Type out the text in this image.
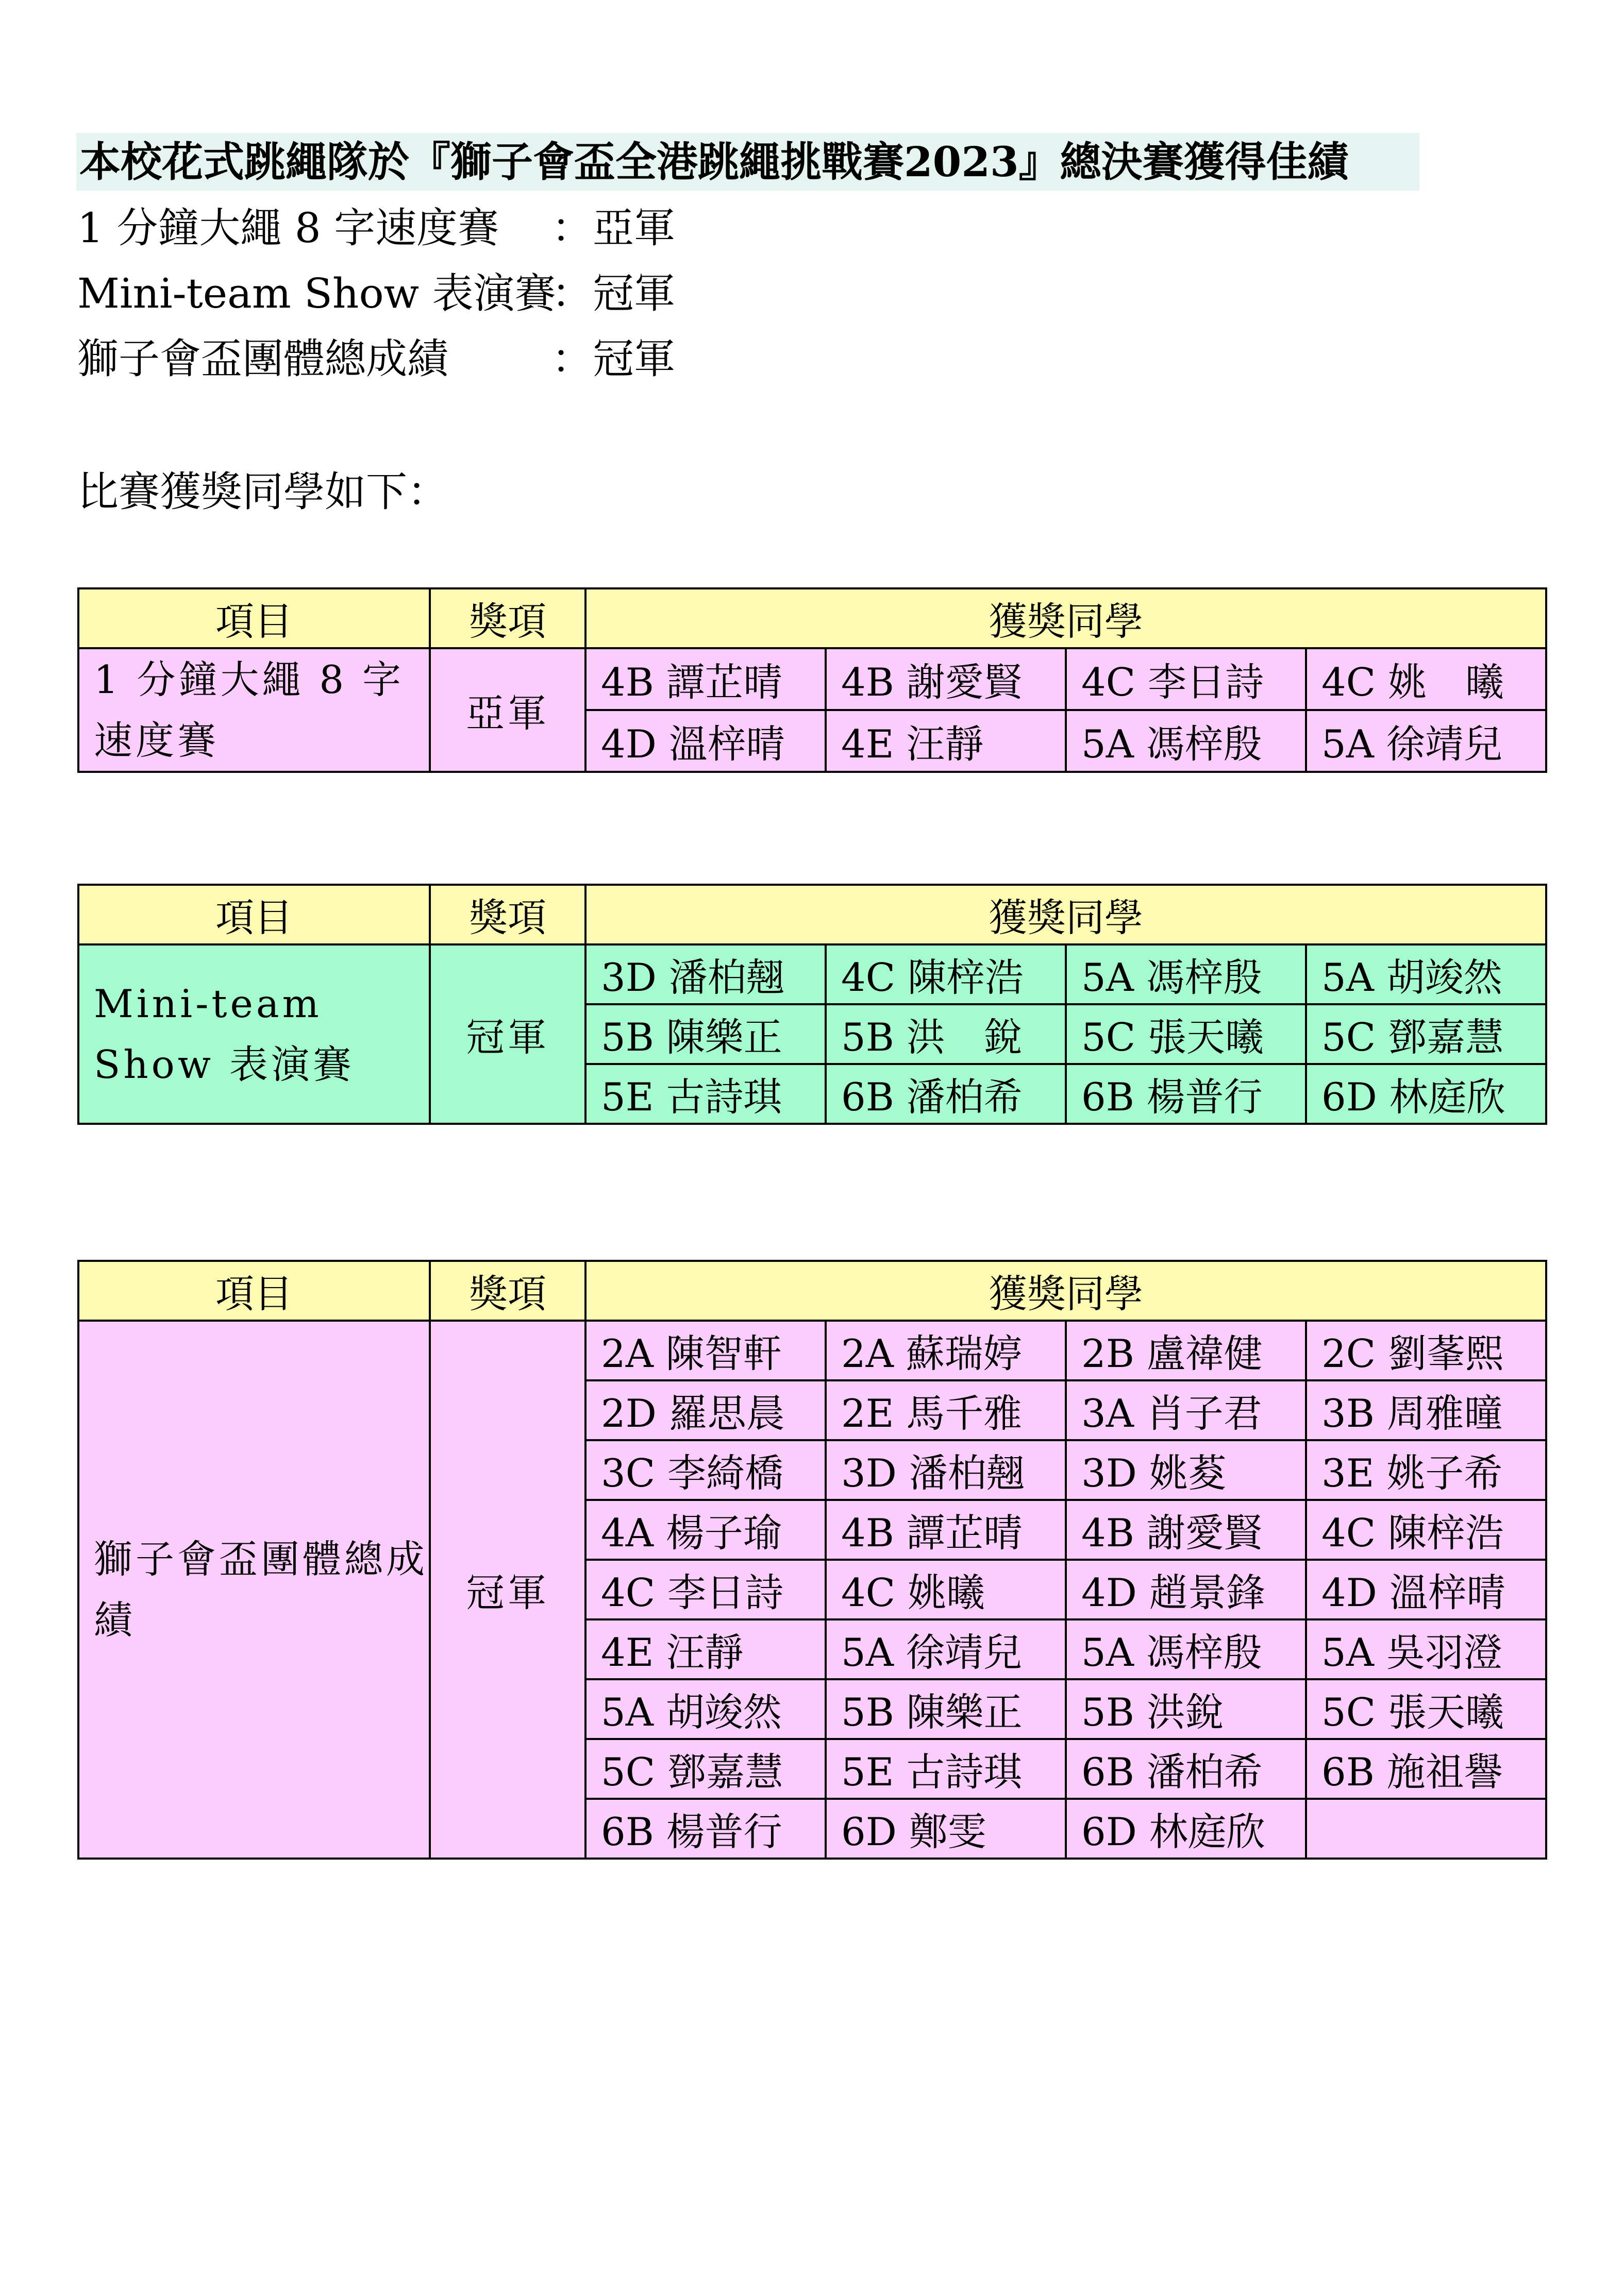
本校花式跳繩隊於『獅子會盃全港跳繩挑戰賽2023』總決賽獲得佳績
1 分鐘大繩 8 字速度賽 ：亞軍
Mini-team Show 表演賽：冠軍
獅子會盃團體總成績	：冠軍
比賽獲獎同學如下：
項目	獎項	獲獎同學			
1 分鐘大繩 8 字速度賽	亞軍	4B 譚芷晴	4B 謝愛賢	4C 李日詩	4C 姚　曦
		4D 溫梓晴	4E 汪靜	5A 馮梓殷	5A 徐靖兒
項目	獎項	獲獎同學			
Mini-team Show 表演賽	冠軍	3D 潘柏翹	4C 陳梓浩	5A 馮梓殷	5A 胡竣然
		5B 陳樂正	5B 洪　銳	5C 張天曦	5C 鄧嘉慧
		5E 古詩琪	6B 潘柏希	6B 楊普行	6D 林庭欣
項目	獎項	獲獎同學			
獅子會盃團體總成績	冠軍	2A 陳智軒	2A 蘇瑞婷	2B 盧禕健	2C 劉莑熙
		2D 羅思晨	2E 馬千雅	3A 肖子君	3B 周雅曈
		3C 李綺橋	3D 潘柏翹	3D 姚荾	3E 姚子希
		4A 楊子瑜	4B 譚芷晴	4B 謝愛賢	4C 陳梓浩
		4C 李日詩	4C 姚曦	4D 趙景鋒	4D 溫梓晴
		4E 汪靜	5A 徐靖兒	5A 馮梓殷	5A 吳羽澄
		5A 胡竣然	5B 陳樂正	5B 洪銳	5C 張天曦
		5C 鄧嘉慧	5E 古詩琪	6B 潘柏希	6B 施祖譽
		6B 楊普行	6D 鄭雯	6D 林庭欣	
